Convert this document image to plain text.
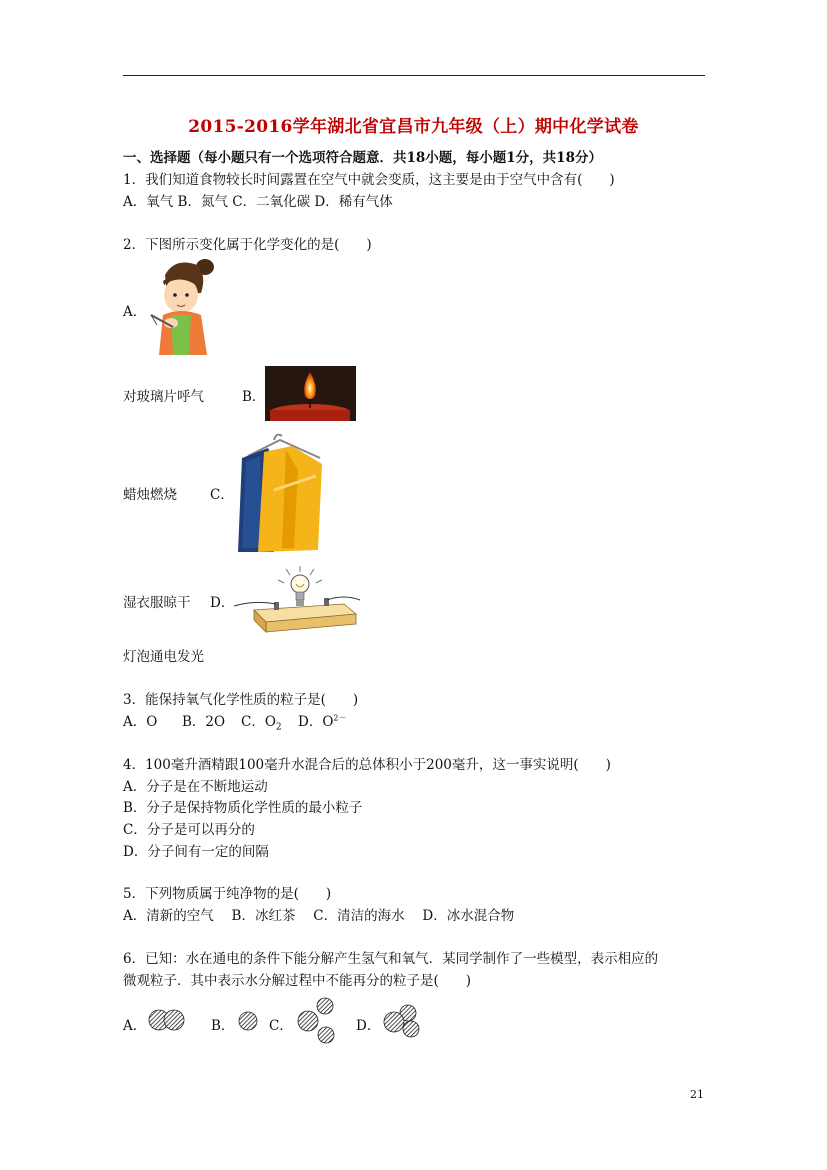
2015-2016学年湖北省宜昌市九年级（上）期中化学试卷
一、选择题（每小题只有一个选项符合题意．共18小题，每小题1分，共18分）
1．我们知道食物较长时间露置在空气中就会变质，这主要是由于空气中含有(　　)
A．氧气 B．氮气 C．二氧化碳 D．稀有气体
2．下图所示变化属于化学变化的是(　　)
A．
对玻璃片呼气	B．
蜡烛燃烧 C．
湿衣服晾干 D．
灯泡通电发光
3．能保持氧气化学性质的粒子是(　　)
A．O B．2O C．$O_2$ D．$O^{2-}$
4．100毫升酒精跟100毫升水混合后的总体积小于200毫升，这一事实说明(　　)
A．分子是在不断地运动
B．分子是保持物质化学性质的最小粒子
C．分子是可以再分的
D．分子间有一定的间隔
5．下列物质属于纯净物的是(　　)
A．清新的空气　 B．冰红茶　 C．清洁的海水　 D．冰水混合物
6．已知：水在通电的条件下能分解产生氢气和氧气．某同学制作了一些模型，表示相应的
微观粒子．其中表示水分解过程中不能再分的粒子是(　　)
A．	B．	C．	D．
21
